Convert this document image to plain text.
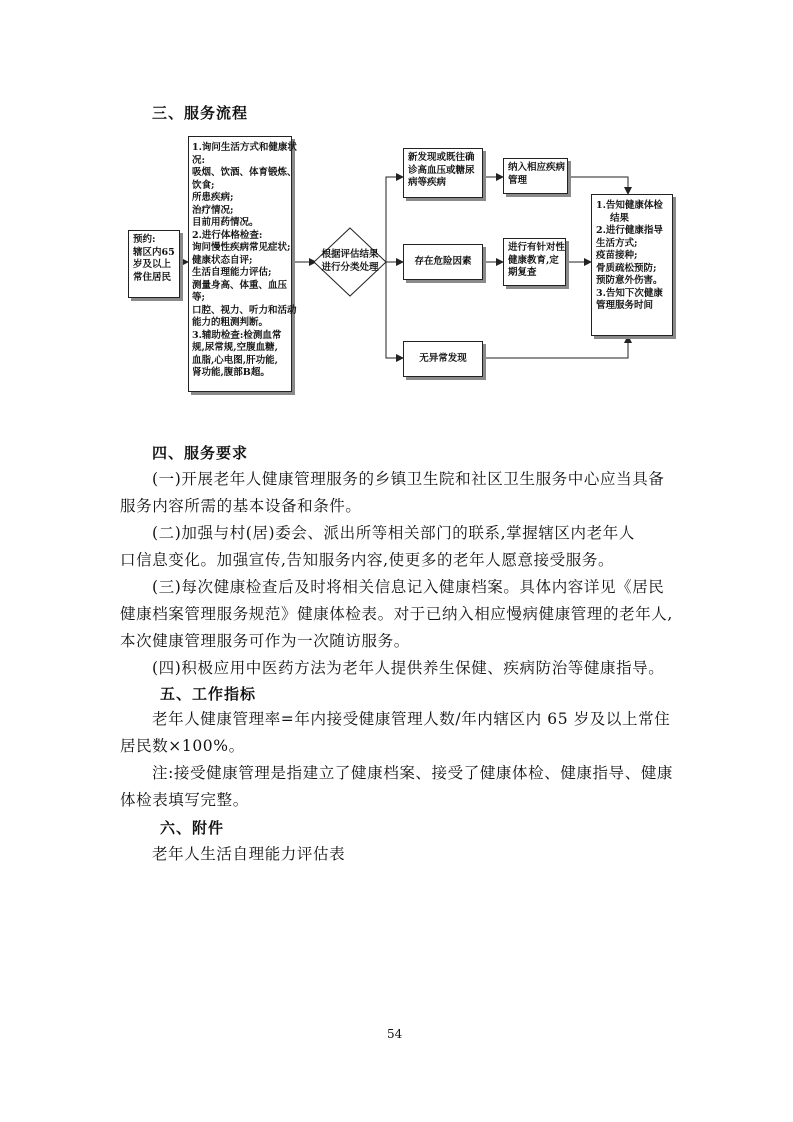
三、服务流程
预约:
辖区内65
岁及以上
常住居民
1.询问生活方式和健康状
况:
吸烟、饮酒、体育锻炼、
饮食;
所患疾病;
治疗情况;
目前用药情况。
2.进行体格检查:
询问慢性疾病常见症状;
健康状态自评;
生活自理能力评估;
测量身高、体重、血压
等;
口腔、视力、听力和活动
能力的粗测判断。
3.辅助检查:检测血常
规,尿常规,空腹血糖,
血脂,心电图,肝功能,
肾功能,腹部B超。
根据评估结果
进行分类处理
新发现或既往确
诊高血压或糖尿
病等疾病
纳入相应疾病
管理
存在危险因素
进行有针对性
健康教育,定
期复查
无异常发现
1.告知健康体检
结果
2.进行健康指导
生活方式;
疫苗接种;
骨质疏松预防;
预防意外伤害。
3.告知下次健康
管理服务时间
四、服务要求
(一)开展老年人健康管理服务的乡镇卫生院和社区卫生服务中心应当具备
服务内容所需的基本设备和条件。
(二)加强与村(居)委会、派出所等相关部门的联系,掌握辖区内老年人
口信息变化。加强宣传,告知服务内容,使更多的老年人愿意接受服务。
(三)每次健康检查后及时将相关信息记入健康档案。具体内容详见《居民
健康档案管理服务规范》健康体检表。对于已纳入相应慢病健康管理的老年人,
本次健康管理服务可作为一次随访服务。
(四)积极应用中医药方法为老年人提供养生保健、疾病防治等健康指导。
五、工作指标
老年人健康管理率=年内接受健康管理人数/年内辖区内 65 岁及以上常住
居民数×100%。
注:接受健康管理是指建立了健康档案、接受了健康体检、健康指导、健康
体检表填写完整。
六、附件
老年人生活自理能力评估表
54
